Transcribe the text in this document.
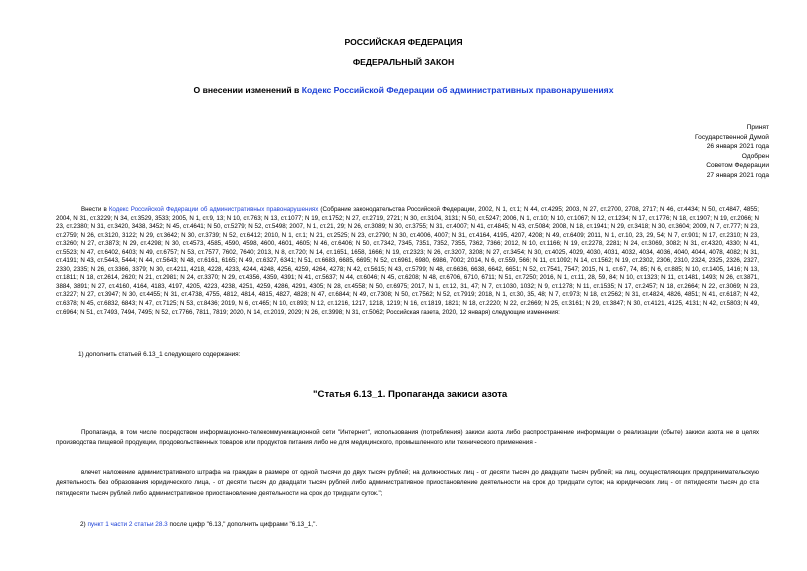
РОССИЙСКАЯ ФЕДЕРАЦИЯ
ФЕДЕРАЛЬНЫЙ ЗАКОН
О внесении изменений в Кодекс Российской Федерации об административных правонарушениях
Принят
Государственной Думой
26 января 2021 года
Одобрен
Советом Федерации
27 января 2021 года

Внести в Кодекс Российской Федерации об административных правонарушениях (Собрание законодательства Российской Федерации, 2002, N 1, ст.1; N 44, ст.4295; 2003, N 27, ст.2700, 2708, 2717; N 46, ст.4434; N 50, ст.4847, 4855; 2004, N 31, ст.3229; N 34, ст.3529, 3533; 2005, N 1, ст.9, 13; N 10, ст.763; N 13, ст.1077; N 19, ст.1752; N 27, ст.2719, 2721; N 30, ст.3104, 3131; N 50, ст.5247; 2006, N 1, ст.10; N 10, ст.1067; N 12, ст.1234; N 17, ст.1776; N 18, ст.1907; N 19, ст.2066; N 23, ст.2380; N 31, ст.3420, 3438, 3452; N 45, ст.4641; N 50, ст.5279; N 52, ст.5498; 2007, N 1, ст.21, 29; N 26, ст.3089; N 30, ст.3755; N 31, ст.4007; N 41, ст.4845; N 43, ст.5084; 2008, N 18, ст.1941; N 29, ст.3418; N 30, ст.3604; 2009, N 7, ст.777; N 23, ст.2759; N 26, ст.3120, 3122; N 29, ст.3642; N 30, ст.3739; N 52, ст.6412; 2010, N 1, ст.1; N 21, ст.2525; N 23, ст.2790; N 30, ст.4006, 4007; N 31, ст.4164, 4195, 4207, 4208; N 49, ст.6409; 2011, N 1, ст.10, 23, 29, 54; N 7, ст.901; N 17, ст.2310; N 23, ст.3260; N 27, ст.3873; N 29, ст.4298; N 30, ст.4573, 4585, 4590, 4598, 4600, 4601, 4605; N 46, ст.6406; N 50, ст.7342, 7345, 7351, 7352, 7355, 7362, 7366; 2012, N 10, ст.1166; N 19, ст.2278, 2281; N 24, ст.3069, 3082; N 31, ст.4320, 4330; N 41, ст.5523; N 47, ст.6402, 6403; N 49, ст.6757; N 53, ст.7577, 7602, 7640; 2013, N 8, ст.720; N 14, ст.1651, 1658, 1666; N 19, ст.2323; N 26, ст.3207, 3208; N 27, ст.3454; N 30, ст.4025, 4029, 4030, 4031, 4032, 4034, 4036, 4040, 4044, 4078, 4082; N 31, ст.4191; N 43, ст.5443, 5444; N 44, ст.5643; N 48, ст.6161, 6165; N 49, ст.6327, 6341; N 51, ст.6683, 6685, 6695; N 52, ст.6961, 6980, 6986, 7002; 2014, N 6, ст.559, 566; N 11, ст.1092; N 14, ст.1562; N 19, ст.2302, 2306, 2310, 2324, 2325, 2326, 2327, 2330, 2335; N 26, ст.3366, 3379; N 30, ст.4211, 4218, 4228, 4233, 4244, 4248, 4256, 4259, 4264, 4278; N 42, ст.5615; N 43, ст.5799; N 48, ст.6636, 6638, 6642, 6651; N 52, ст.7541, 7547; 2015, N 1, ст.67, 74, 85; N 6, ст.885; N 10, ст.1405, 1416; N 13, ст.1811; N 18, ст.2614, 2620; N 21, ст.2981; N 24, ст.3370; N 29, ст.4356, 4359, 4391; N 41, ст.5637; N 44, ст.6046; N 45, ст.6208; N 48, ст.6706, 6710, 6711; N 51, ст.7250; 2016, N 1, ст.11, 28, 59, 84; N 10, ст.1323; N 11, ст.1481, 1493; N 26, ст.3871, 3884, 3891; N 27, ст.4160, 4164, 4183, 4197, 4205, 4223, 4238, 4251, 4259, 4286, 4291, 4305; N 28, ст.4558; N 50, ст.6975; 2017, N 1, ст.12, 31, 47; N 7, ст.1030, 1032; N 9, ст.1278; N 11, ст.1535; N 17, ст.2457; N 18, ст.2664; N 22, ст.3069; N 23, ст.3227; N 27, ст.3947; N 30, ст.4455; N 31, ст.4738, 4755, 4812, 4814, 4815, 4827, 4828; N 47, ст.6844; N 49, ст.7308; N 50, ст.7562; N 52, ст.7919; 2018, N 1, ст.30, 35, 48; N 7, ст.973; N 18, ст.2562; N 31, ст.4824, 4826, 4851; N 41, ст.6187; N 42, ст.6378; N 45, ст.6832, 6843; N 47, ст.7125; N 53, ст.8436; 2019, N 6, ст.465; N 10, ст.893; N 12, ст.1216, 1217, 1218, 1219; N 16, ст.1819, 1821; N 18, ст.2220; N 22, ст.2669; N 25, ст.3161; N 29, ст.3847; N 30, ст.4121, 4125, 4131; N 42, ст.5803; N 49, ст.6964; N 51, ст.7493, 7494, 7495; N 52, ст.7766, 7811, 7819; 2020, N 14, ст.2019, 2029; N 26, ст.3998; N 31, ст.5062; Российская газета, 2020, 12 января) следующие изменения:

1) дополнить статьей 6.13_1 следующего содержания:
"Статья 6.13_1. Пропаганда закиси азота

Пропаганда, в том числе посредством информационно-телекоммуникационной сети "Интернет", использования (потребления) закиси азота либо распространение информации о реализации (сбыте) закиси азота не в целях производства пищевой продукции, продовольственных товаров или продуктов питания либо не для медицинского, промышленного или технического применения -

влечет наложение административного штрафа на граждан в размере от одной тысячи до двух тысяч рублей; на должностных лиц - от десяти тысяч до двадцати тысяч рублей; на лиц, осуществляющих предпринимательскую деятельность без образования юридического лица, - от десяти тысяч до двадцати тысяч рублей либо административное приостановление деятельности на срок до тридцати суток; на юридических лиц - от пятидесяти тысяч до ста пятидесяти тысяч рублей либо административное приостановление деятельности на срок до тридцати суток.";

2) пункт 1 части 2 статьи 28.3 после цифр "6.13," дополнить цифрами "6.13_1,".
